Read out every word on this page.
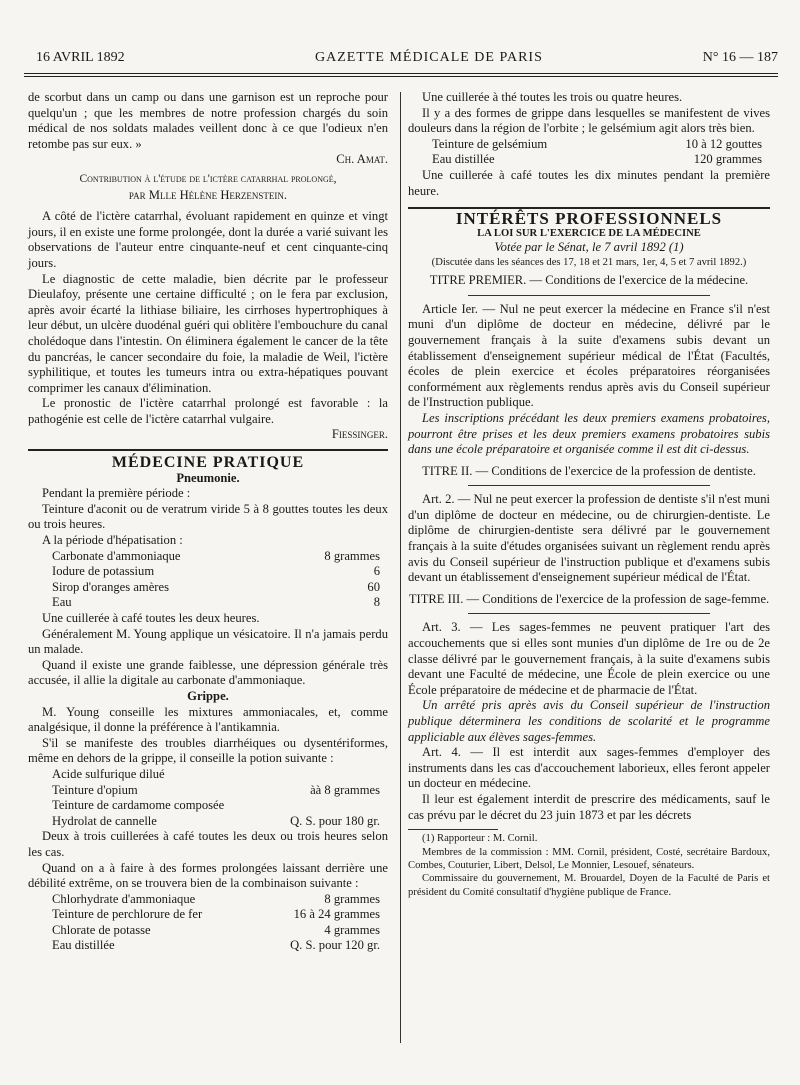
16 AVRIL 1892	GAZETTE MÉDICALE DE PARIS	N° 16 — 187

de scorbut dans un camp ou dans une garnison est un reproche pour quelqu'un ; que les membres de notre profession chargés du soin médical de nos soldats malades veillent donc à ce que l'odieux n'en retombe pas sur eux. »

Ch. Amat.

Contribution à l'étude de l'ictère catarrhal prolongé,

par Mlle Hélène Herzenstein.

A côté de l'ictère catarrhal, évoluant rapidement en quinze et vingt jours, il en existe une forme prolongée, dont la durée a varié suivant les observations de l'auteur entre cinquante-neuf et cent cinquante-cinq jours.

Le diagnostic de cette maladie, bien décrite par le professeur Dieulafoy, présente une certaine difficulté ; on le fera par exclusion, après avoir écarté la lithiase biliaire, les cirrhoses hypertrophiques à leur début, un ulcère duodénal guéri qui oblitère l'embouchure du canal cholédoque dans l'intestin. On éliminera également le cancer de la tête du pancréas, le cancer secondaire du foie, la maladie de Weil, l'ictère syphilitique, et toutes les tumeurs intra ou extra-hépatiques pouvant comprimer les canaux d'élimination.

Le pronostic de l'ictère catarrhal prolongé est favorable : la pathogénie est celle de l'ictère catarrhal vulgaire.

Fiessinger.

MÉDECINE PRATIQUE

Pneumonie.

Pendant la première période :

Teinture d'aconit ou de veratrum viride 5 à 8 gouttes toutes les deux ou trois heures.

A la période d'hépatisation :

Carbonate d'ammoniaque	8 grammes
Iodure de potassium	6
Sirop d'oranges amères	60
Eau	8

Une cuillerée à café toutes les deux heures.

Généralement M. Young applique un vésicatoire. Il n'a jamais perdu un malade.

Quand il existe une grande faiblesse, une dépression générale très accusée, il allie la digitale au carbonate d'ammoniaque.

Grippe.

M. Young conseille les mixtures ammoniacales, et, comme analgésique, il donne la préférence à l'antikamnia.

S'il se manifeste des troubles diarrhéiques ou dysentériformes, même en dehors de la grippe, il conseille la potion suivante :

Acide sulfurique dilué
Teinture d'opium	àà 8 grammes
Teinture de cardamome composée
Hydrolat de cannelle	Q. S. pour 180 gr.

Deux à trois cuillerées à café toutes les deux ou trois heures selon les cas.

Quand on a à faire à des formes prolongées laissant derrière une débilité extrême, on se trouvera bien de la combinaison suivante :

Chlorhydrate d'ammoniaque	8 grammes
Teinture de perchlorure de fer	16 à 24 grammes
Chlorate de potasse	4 grammes
Eau distillée	Q. S. pour 120 gr.

Une cuillerée à thé toutes les trois ou quatre heures.

Il y a des formes de grippe dans lesquelles se manifestent de vives douleurs dans la région de l'orbite ; le gelsémium agit alors très bien.

Teinture de gelsémium	10 à 12 gouttes
Eau distillée	120 grammes

Une cuillerée à café toutes les dix minutes pendant la première heure.

INTÉRÊTS PROFESSIONNELS

LA LOI SUR L'EXERCICE DE LA MÉDECINE

Votée par le Sénat, le 7 avril 1892 (1)

(Discutée dans les séances des 17, 18 et 21 mars, 1er, 4, 5 et 7 avril 1892.)

TITRE PREMIER. — Conditions de l'exercice de la médecine.

Article Ier. — Nul ne peut exercer la médecine en France s'il n'est muni d'un diplôme de docteur en médecine, délivré par le gouvernement français à la suite d'examens subis devant un établissement d'enseignement supérieur médical de l'État (Facultés, écoles de plein exercice et écoles préparatoires réorganisées conformément aux règlements rendus après avis du Conseil supérieur de l'Instruction publique.

Les inscriptions précédant les deux premiers examens probatoires, pourront être prises et les deux premiers examens probatoires subis dans une école préparatoire et organisée comme il est dit ci-dessus.

TITRE II. — Conditions de l'exercice de la profession de dentiste.

Art. 2. — Nul ne peut exercer la profession de dentiste s'il n'est muni d'un diplôme de docteur en médecine, ou de chirurgien-dentiste. Le diplôme de chirurgien-dentiste sera délivré par le gouvernement français à la suite d'études organisées suivant un règlement rendu après avis du Conseil supérieur de l'instruction publique et d'examens subis devant un établissement d'enseignement supérieur médical de l'État.

TITRE III. — Conditions de l'exercice de la profession de sage-femme.

Art. 3. — Les sages-femmes ne peuvent pratiquer l'art des accouchements que si elles sont munies d'un diplôme de 1re ou de 2e classe délivré par le gouvernement français, à la suite d'examens subis devant une Faculté de médecine, une École de plein exercice ou une École préparatoire de médecine et de pharmacie de l'État.

Un arrêté pris après avis du Conseil supérieur de l'instruction publique déterminera les conditions de scolarité et le programme appliciable aux élèves sages-femmes.

Art. 4. — Il est interdit aux sages-femmes d'employer des instruments dans les cas d'accouchement laborieux, elles feront appeler un docteur en médecine.

Il leur est également interdit de prescrire des médicaments, sauf le cas prévu par le décret du 23 juin 1873 et par les décrets

(1) Rapporteur : M. Cornil.

Membres de la commission : MM. Cornil, président, Costé, secrétaire Bardoux, Combes, Couturier, Libert, Delsol, Le Monnier, Lesouef, sénateurs.

Commissaire du gouvernement, M. Brouardel, Doyen de la Faculté de Paris et président du Comité consultatif d'hygiène publique de France.
